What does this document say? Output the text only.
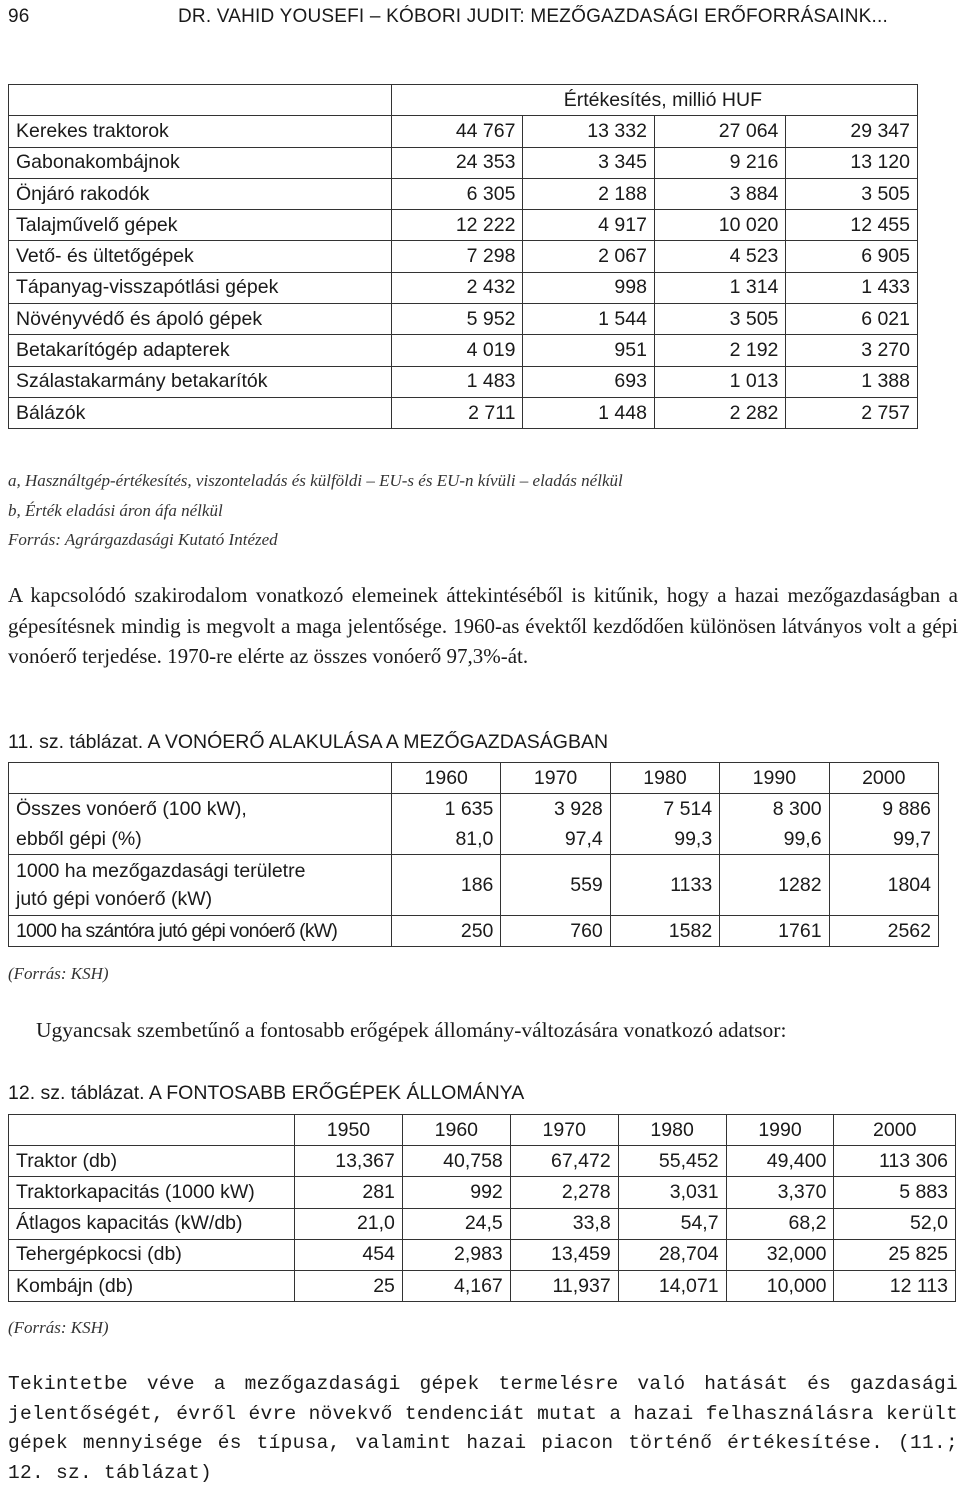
96	DR. VAHID YOUSEFI – KÓBORI JUDIT: MEZŐGAZDASÁGI ERŐFORRÁSAINK...
	Értékesítés, millió HUF			
Kerekes traktorok	44 767	13 332	27 064	29 347
Gabonakombájnok	24 353	3 345	9 216	13 120
Önjáró rakodók	6 305	2 188	3 884	3 505
Talajművelő gépek	12 222	4 917	10 020	12 455
Vető- és ültetőgépek	7 298	2 067	4 523	6 905
Tápanyag-visszapótlási gépek	2 432	998	1 314	1 433
Növényvédő és ápoló gépek	5 952	1 544	3 505	6 021
Betakarítógép adapterek	4 019	951	2 192	3 270
Szálastakarmány betakarítók	1 483	693	1 013	1 388
Bálázók	2 711	1 448	2 282	2 757
a, Használtgép-értékesítés, viszonteladás és külföldi – EU-s és EU-n kívüli – eladás nélkül
b, Érték eladási áron áfa nélkül
Forrás: Agrárgazdasági Kutató Intézed
A kapcsolódó szakirodalom vonatkozó elemeinek áttekintéséből is kitűnik, hogy a hazai mezőgazdaságban a gépesítésnek mindig is megvolt a maga jelentősége. 1960-as évektől kezdődően különösen látványos volt a gépi vonóerő terjedése. 1970-re elérte az összes vonóerő 97,3%-át.
11. sz. táblázat. A VONÓERŐ ALAKULÁSA A MEZŐGAZDASÁGBAN
	1960	1970	1980	1990	2000
Összes vonóerő (100 kW),	1 635	3 928	7 514	8 300	9 886
ebből gépi (%)	81,0	97,4	99,3	99,6	99,7

1000 ha mezőgazdasági területre
jutó gépi vonóerő (kW)	186	559	1133	1282	1804
1000 ha szántóra jutó gépi vonóerő (kW)	250	760	1582	1761	2562
(Forrás: KSH)
Ugyancsak szembetűnő a fontosabb erőgépek állomány-változására vonatkozó adatsor:
12. sz. táblázat. A FONTOSABB ERŐGÉPEK ÁLLOMÁNYA
	1950	1960	1970	1980	1990	2000
Traktor (db)	13,367	40,758	67,472	55,452	49,400	113 306
Traktorkapacitás (1000 kW)	281	992	2,278	3,031	3,370	5 883
Átlagos kapacitás (kW/db)	21,0	24,5	33,8	54,7	68,2	52,0
Tehergépkocsi (db)	454	2,983	13,459	28,704	32,000	25 825
Kombájn (db)	25	4,167	11,937	14,071	10,000	12 113
(Forrás: KSH)
Tekintetbe véve a mezőgazdasági gépek termelésre való hatását és gazdasági jelentőségét, évről évre növekvő tendenciát mutat a hazai felhasználásra került gépek mennyisége és típusa, valamint hazai piacon történő értékesítése. (11.; 12. sz. táblázat)
